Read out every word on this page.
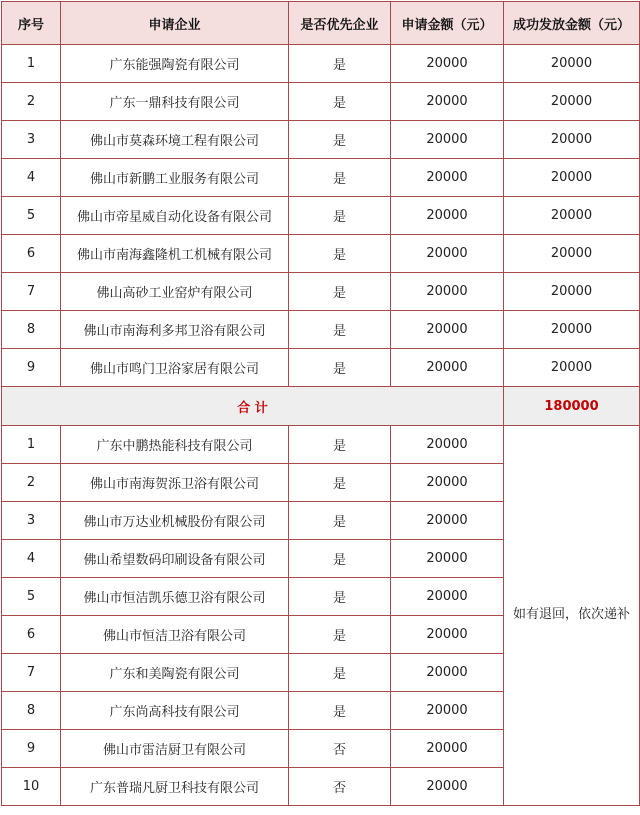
序号	申请企业	是否优先企业	申请金额（元）	成功发放金额（元）
1	广东能强陶瓷有限公司	是	20000	20000
2	广东一鼎科技有限公司	是	20000	20000
3	佛山市莫森环境工程有限公司	是	20000	20000
4	佛山市新鹏工业服务有限公司	是	20000	20000
5	佛山市帝星威自动化设备有限公司	是	20000	20000
6	佛山市南海鑫隆机工机械有限公司	是	20000	20000
7	佛山高砂工业窑炉有限公司	是	20000	20000
8	佛山市南海利多邦卫浴有限公司	是	20000	20000
9	佛山市鸣门卫浴家居有限公司	是	20000	20000
合 计				180000
1	广东中鹏热能科技有限公司	是	20000	如有退回，依次递补
2	佛山市南海贺泺卫浴有限公司	是	20000	
3	佛山市万达业机械股份有限公司	是	20000	
4	佛山希望数码印刷设备有限公司	是	20000	
5	佛山市恒洁凯乐德卫浴有限公司	是	20000	
6	佛山市恒洁卫浴有限公司	是	20000	
7	广东和美陶瓷有限公司	是	20000	
8	广东尚高科技有限公司	是	20000	
9	佛山市雷洁厨卫有限公司	否	20000	
10	广东普瑞凡厨卫科技有限公司	否	20000	
